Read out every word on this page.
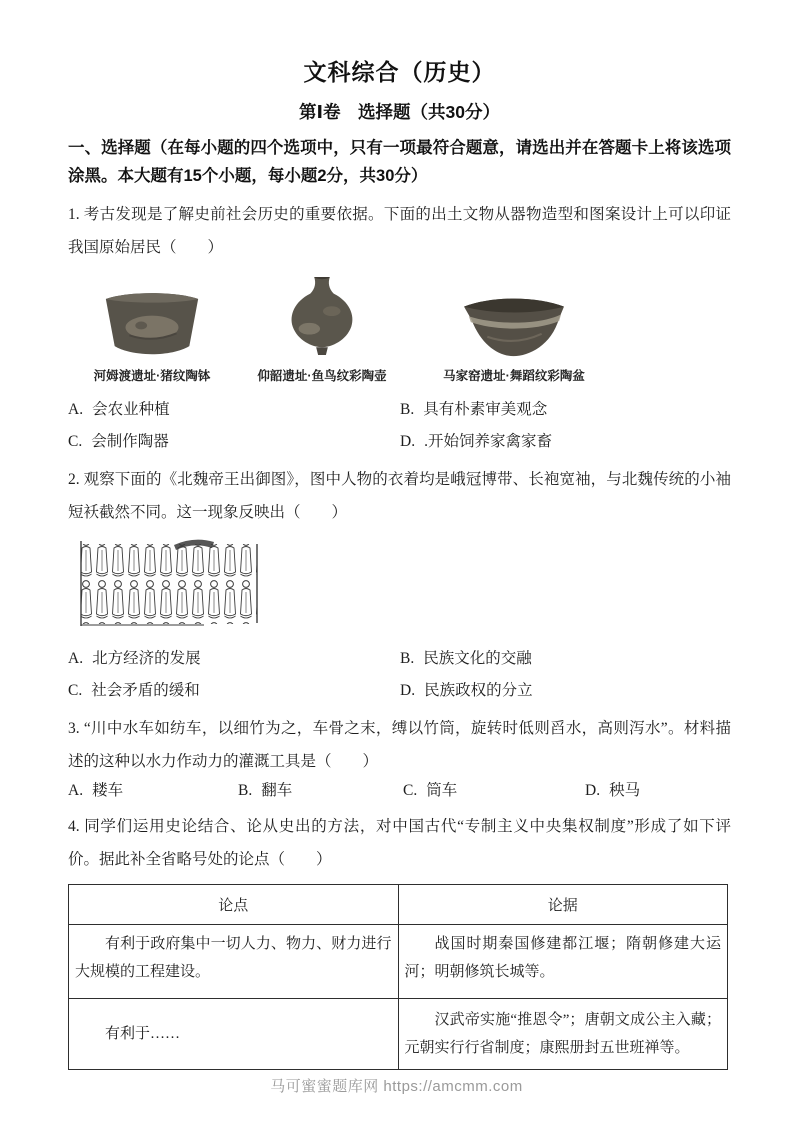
文科综合（历史）
第Ⅰ卷　选择题（共30分）
一、选择题（在每小题的四个选项中，只有一项最符合题意，请选出并在答题卡上将该选项涂黑。本大题有15个小题，每小题2分，共30分）
1. 考古发现是了解史前社会历史的重要依据。下面的出土文物从器物造型和图案设计上可以印证我国原始居民（　　）
河姆渡遗址·猪纹陶钵	仰韶遗址·鱼鸟纹彩陶壶	马家窑遗址·舞蹈纹彩陶盆
A. 会农业种植	B. 具有朴素审美观念
C. 会制作陶器	D. .开始饲养家禽家畜
2. 观察下面的《北魏帝王出御图》，图中人物的衣着均是峨冠博带、长袍宽袖，与北魏传统的小袖短袄截然不同。这一现象反映出（　　）
A. 北方经济的发展	B. 民族文化的交融
C. 社会矛盾的缓和	D. 民族政权的分立
3. “川中水车如纺车，以细竹为之，车骨之末，缚以竹筒，旋转时低则舀水，高则泻水”。材料描述的这种以水力作动力的灌溉工具是（　　）
A. 耧车	B. 翻车	C. 筒车	D. 秧马
4. 同学们运用史论结合、论从史出的方法，对中国古代“专制主义中央集权制度”形成了如下评价。据此补全省略号处的论点（　　）
论点	论据

有利于政府集中一切人力、物力、财力进行大规模的工程建设。	战国时期秦国修建都江堰；隋朝修建大运河；明朝修筑长城等。

有利于……	汉武帝实施“推恩令”；唐朝文成公主入藏；元朝实行行省制度；康熙册封五世班禅等。
马可蜜蜜题库网 https://amcmm.com
